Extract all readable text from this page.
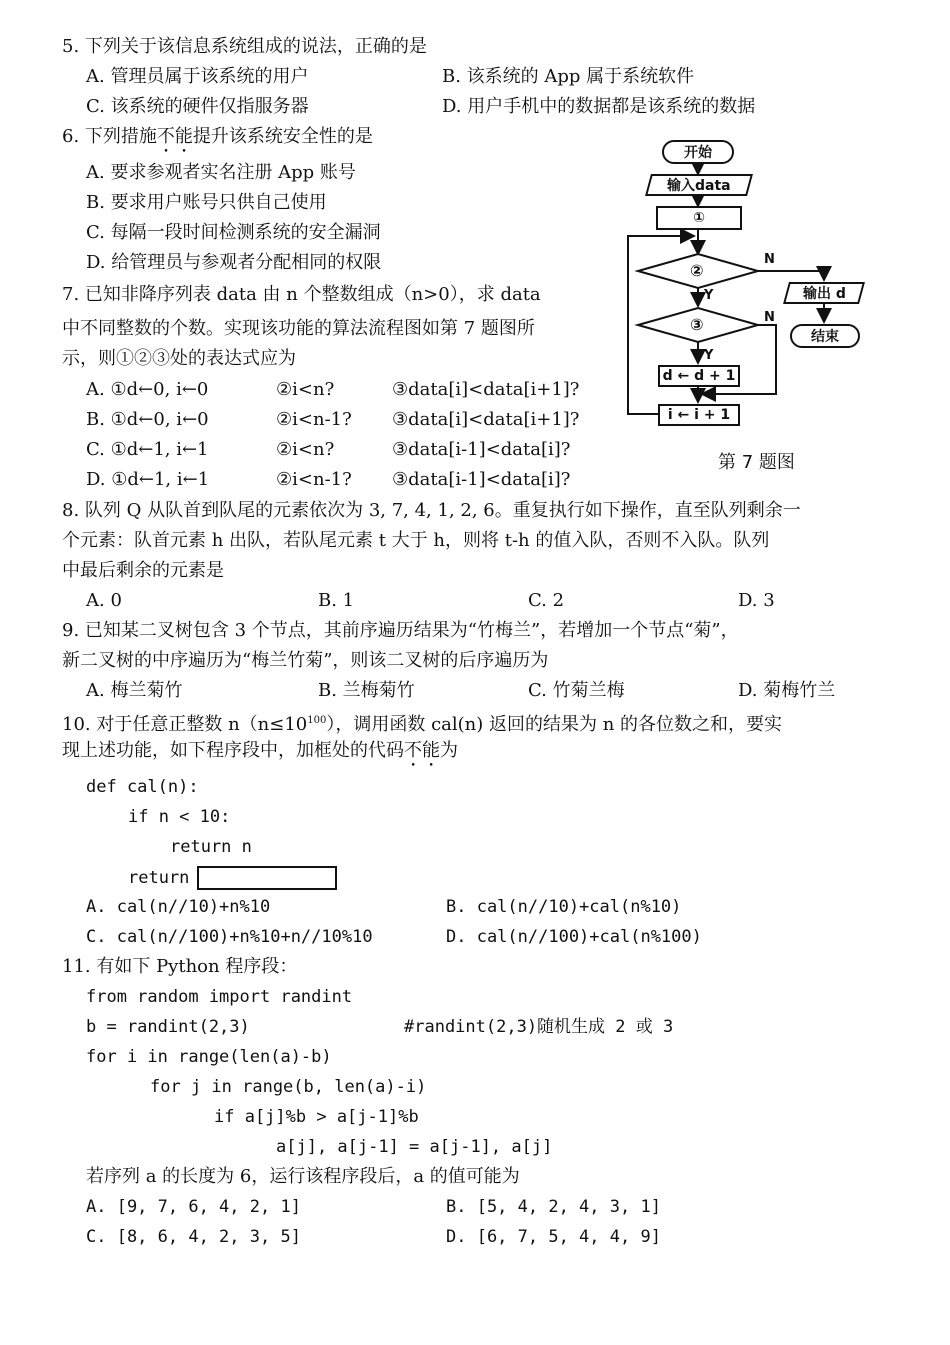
5. 下列关于该信息系统组成的说法，正确的是
A. 管理员属于该系统的用户	B. 该系统的 App 属于系统软件
C. 该系统的硬件仅指服务器	D. 用户手机中的数据都是该系统的数据
6. 下列措施不能提升该系统安全性的是
A. 要求参观者实名注册 App 账号
B. 要求用户账号只供自己使用
C. 每隔一段时间检测系统的安全漏洞
D. 给管理员与参观者分配相同的权限
7. 已知非降序列表 data 由 n 个整数组成（n>0），求 data
中不同整数的个数。实现该功能的算法流程图如第 7 题图所
示，则①②③处的表达式应为
A. ①d←0, i←0	②i<n?	③data[i]<data[i+1]?
B. ①d←0, i←0	②i<n-1? ③data[i]<data[i+1]?
C. ①d←1, i←1	②i<n?	③data[i-1]<data[i]?
D. ①d←1, i←1	②i<n-1? ③data[i-1]<data[i]?
开始
输入data
①
②
③
d ← d + 1
i ← i + 1
输出 d
结束
N
N
Y
Y
第 7 题图
8. 队列 Q 从队首到队尾的元素依次为 3, 7, 4, 1, 2, 6。重复执行如下操作，直至队列剩余一
个元素：队首元素 h 出队，若队尾元素 t 大于 h，则将 t-h 的值入队，否则不入队。队列
中最后剩余的元素是
A. 0	B. 1	C. 2	D. 3
9. 已知某二叉树包含 3 个节点，其前序遍历结果为“竹梅兰”，若增加一个节点“菊”，
新二叉树的中序遍历为“梅兰竹菊”，则该二叉树的后序遍历为
A. 梅兰菊竹	B. 兰梅菊竹	C. 竹菊兰梅	D. 菊梅竹兰
10. 对于任意正整数 $n(n\le 10^{100})$，调用函数 cal(n) 返回的结果为 n 的各位数之和，要实
现上述功能，如下程序段中，加框处的代码不能为
def cal(n):
if n < 10:
return n
return
A. cal(n//10)+n%10	B. cal(n//10)+cal(n%10)
C. cal(n//100)+n%10+n//10%10	D. cal(n//100)+cal(n%100)
11. 有如下 Python 程序段：
from random import randint
b = randint(2,3)	#randint(2,3)随机生成 2 或 3
for i in range(len(a)-b)
for j in range(b, len(a)-i)
if a[j]%b > a[j-1]%b
a[j], a[j-1] = a[j-1], a[j]
若序列 a 的长度为 6，运行该程序段后，a 的值可能为
A. [9, 7, 6, 4, 2, 1]	B. [5, 4, 2, 4, 3, 1]
C. [8, 6, 4, 2, 3, 5]	D. [6, 7, 5, 4, 4, 9]
